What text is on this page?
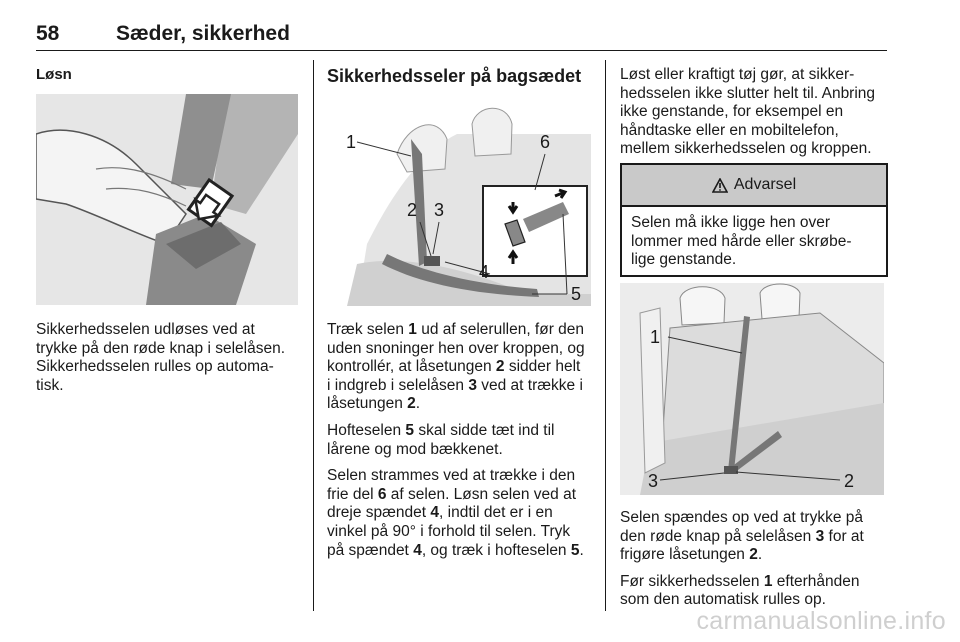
58	Sæder, sikkerhed
Løsn
Sikkerhedsselen udløses ved at
trykke på den røde knap i selelåsen.
Sikkerhedsselen rulles op automa-
tisk.
Sikkerhedsseler på bagsædet
1	6
2 3
4
5
Træk selen 1 ud af selerullen, før den
uden snoninger hen over kroppen, og
kontrollér, at låsetungen 2 sidder helt
i indgreb i selelåsen 3 ved at trække i
låsetungen 2.
Hofteselen 5 skal sidde tæt ind til
lårene og mod bækkenet.
Selen strammes ved at trække i den
frie del 6 af selen. Løsn selen ved at
dreje spændet 4, indtil det er i en
vinkel på 90° i forhold til selen. Tryk
på spændet 4, og træk i hofteselen 5.
Løst eller kraftigt tøj gør, at sikker-
hedsselen ikke slutter helt til. Anbring
ikke genstande, for eksempel en
håndtaske eller en mobiltelefon,
mellem sikkerhedsselen og kroppen.
Advarsel
Selen må ikke ligge hen over
lommer med hårde eller skrøbe-
lige genstande.
1
2
3
Selen spændes op ved at trykke på
den røde knap på selelåsen 3 for at
frigøre låsetungen 2.
Før sikkerhedsselen 1 efterhånden
som den automatisk rulles op.
carmanualsonline.info
